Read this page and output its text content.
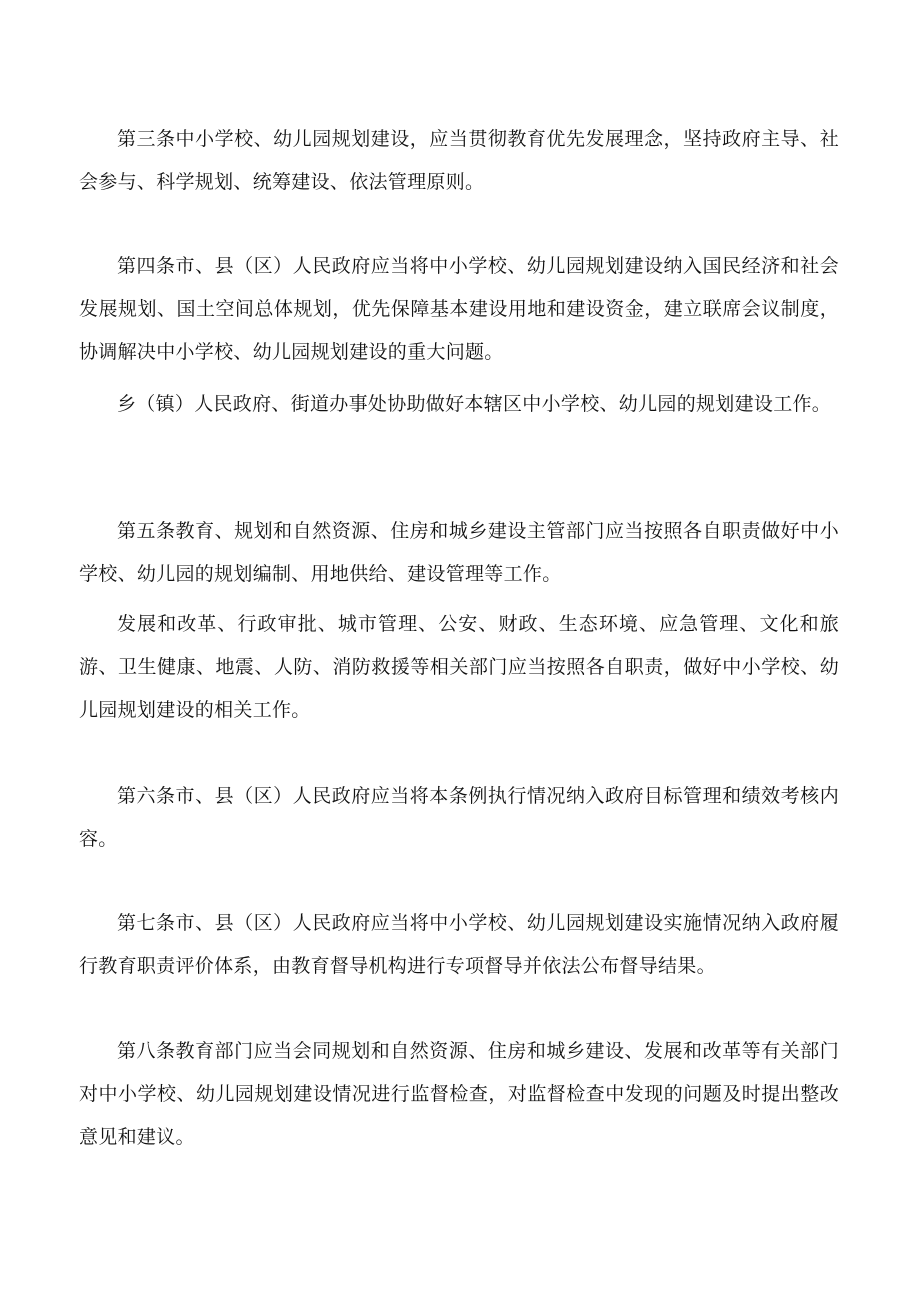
第三条中小学校、幼儿园规划建设，应当贯彻教育优先发展理念，坚持政府主导、社会参与、科学规划、统筹建设、依法管理原则。

第四条市、县（区）人民政府应当将中小学校、幼儿园规划建设纳入国民经济和社会发展规划、国土空间总体规划，优先保障基本建设用地和建设资金，建立联席会议制度，协调解决中小学校、幼儿园规划建设的重大问题。

乡（镇）人民政府、街道办事处协助做好本辖区中小学校、幼儿园的规划建设工作。

第五条教育、规划和自然资源、住房和城乡建设主管部门应当按照各自职责做好中小学校、幼儿园的规划编制、用地供给、建设管理等工作。

发展和改革、行政审批、城市管理、公安、财政、生态环境、应急管理、文化和旅游、卫生健康、地震、人防、消防救援等相关部门应当按照各自职责，做好中小学校、幼儿园规划建设的相关工作。

第六条市、县（区）人民政府应当将本条例执行情况纳入政府目标管理和绩效考核内容。

第七条市、县（区）人民政府应当将中小学校、幼儿园规划建设实施情况纳入政府履行教育职责评价体系，由教育督导机构进行专项督导并依法公布督导结果。

第八条教育部门应当会同规划和自然资源、住房和城乡建设、发展和改革等有关部门对中小学校、幼儿园规划建设情况进行监督检查，对监督检查中发现的问题及时提出整改意见和建议。
